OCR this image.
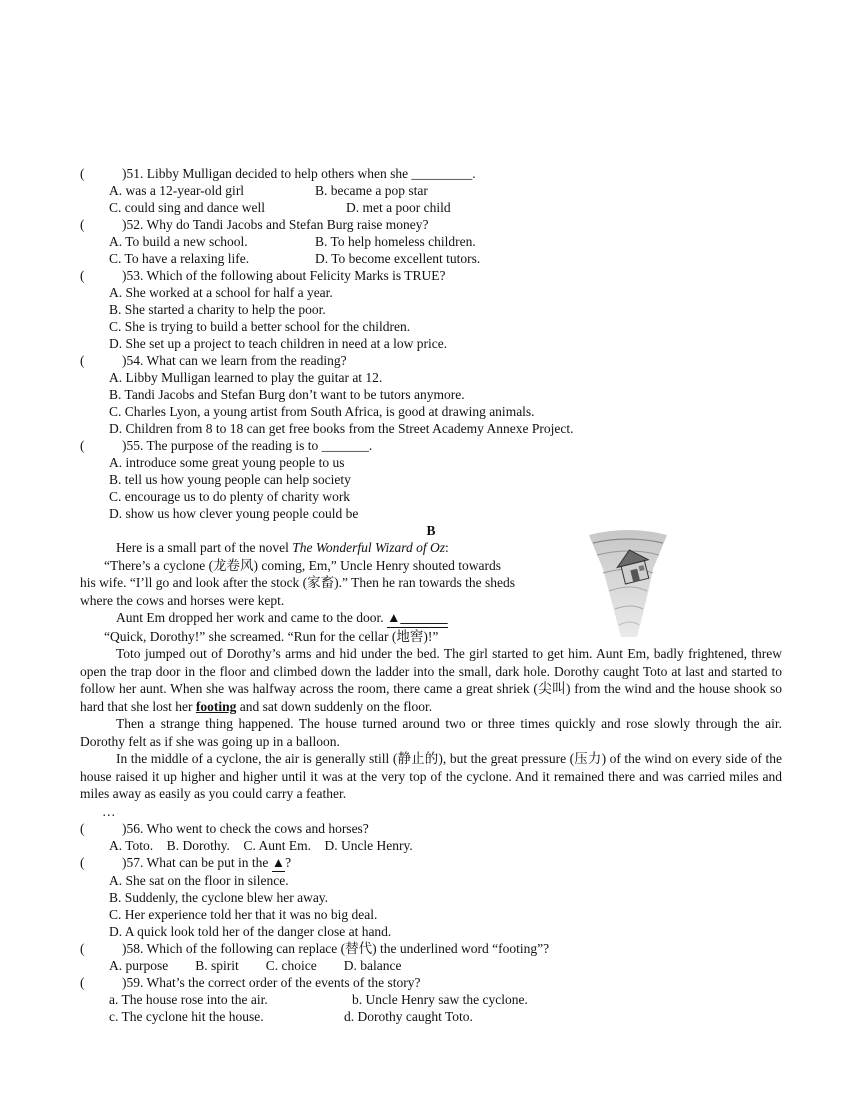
(	)51. Libby Mulligan decided to help others when she _________.
A. was a 12-year-old girl	B. became a pop star
C. could sing and dance well	D. met a poor child
(	)52. Why do Tandi Jacobs and Stefan Burg raise money?
A. To build a new school.	B. To help homeless children.
C. To have a relaxing life.	D. To become excellent tutors.
(	)53. Which of the following about Felicity Marks is TRUE?
A. She worked at a school for half a year.
B. She started a charity to help the poor.
C. She is trying to build a better school for the children.
D. She set up a project to teach children in need at a low price.
(	)54. What can we learn from the reading?
A. Libby Mulligan learned to play the guitar at 12.
B. Tandi Jacobs and Stefan Burg don’t want to be tutors anymore.
C. Charles Lyon, a young artist from South Africa, is good at drawing animals.
D. Children from 8 to 18 can get free books from the Street Academy Annexe Project.
(	)55. The purpose of the reading is to _______.
A. introduce some great young people to us
B. tell us how young people can help society
C. encourage us to do plenty of charity work
D. show us how clever young people could be
B
Here is a small part of the novel The Wonderful Wizard of Oz:
“There’s a cyclone (龙卷风) coming, Em,” Uncle Henry shouted towards
his wife. “I’ll go and look after the stock (家畜).” Then he ran towards the sheds
where the cows and horses were kept.
Aunt Em dropped her work and came to the door. ▲_______
“Quick, Dorothy!” she screamed. “Run for the cellar (地窖)!”
Toto jumped out of Dorothy’s arms and hid under the bed. The girl started to get him. Aunt Em, badly frightened, threw open the trap door in the floor and climbed down the ladder into the small, dark hole. Dorothy caught Toto at last and started to follow her aunt. When she was halfway across the room, there came a great shriek (尖叫) from the wind and the house shook so hard that she lost her footing and sat down suddenly on the floor.
Then a strange thing happened. The house turned around two or three times quickly and rose slowly through the air. Dorothy felt as if she was going up in a balloon.
In the middle of a cyclone, the air is generally still (静止的), but the great pressure (压力) of the wind on every side of the house raised it up higher and higher until it was at the very top of the cyclone. And it remained there and was carried miles and miles away as easily as you could carry a feather.
…
(	)56. Who went to check the cows and horses?
A. Toto.    B. Dorothy.    C. Aunt Em.    D. Uncle Henry.
(	)57. What can be put in the ▲?
A. She sat on the floor in silence.
B. Suddenly, the cyclone blew her away.
C. Her experience told her that it was no big deal.
D. A quick look told her of the danger close at hand.
(	)58. Which of the following can replace (替代) the underlined word “footing”?
A. purpose        B. spirit        C. choice        D. balance
(	)59. What’s the correct order of the events of the story?
a. The house rose into the air.	b. Uncle Henry saw the cyclone.
c. The cyclone hit the house.	d. Dorothy caught Toto.
